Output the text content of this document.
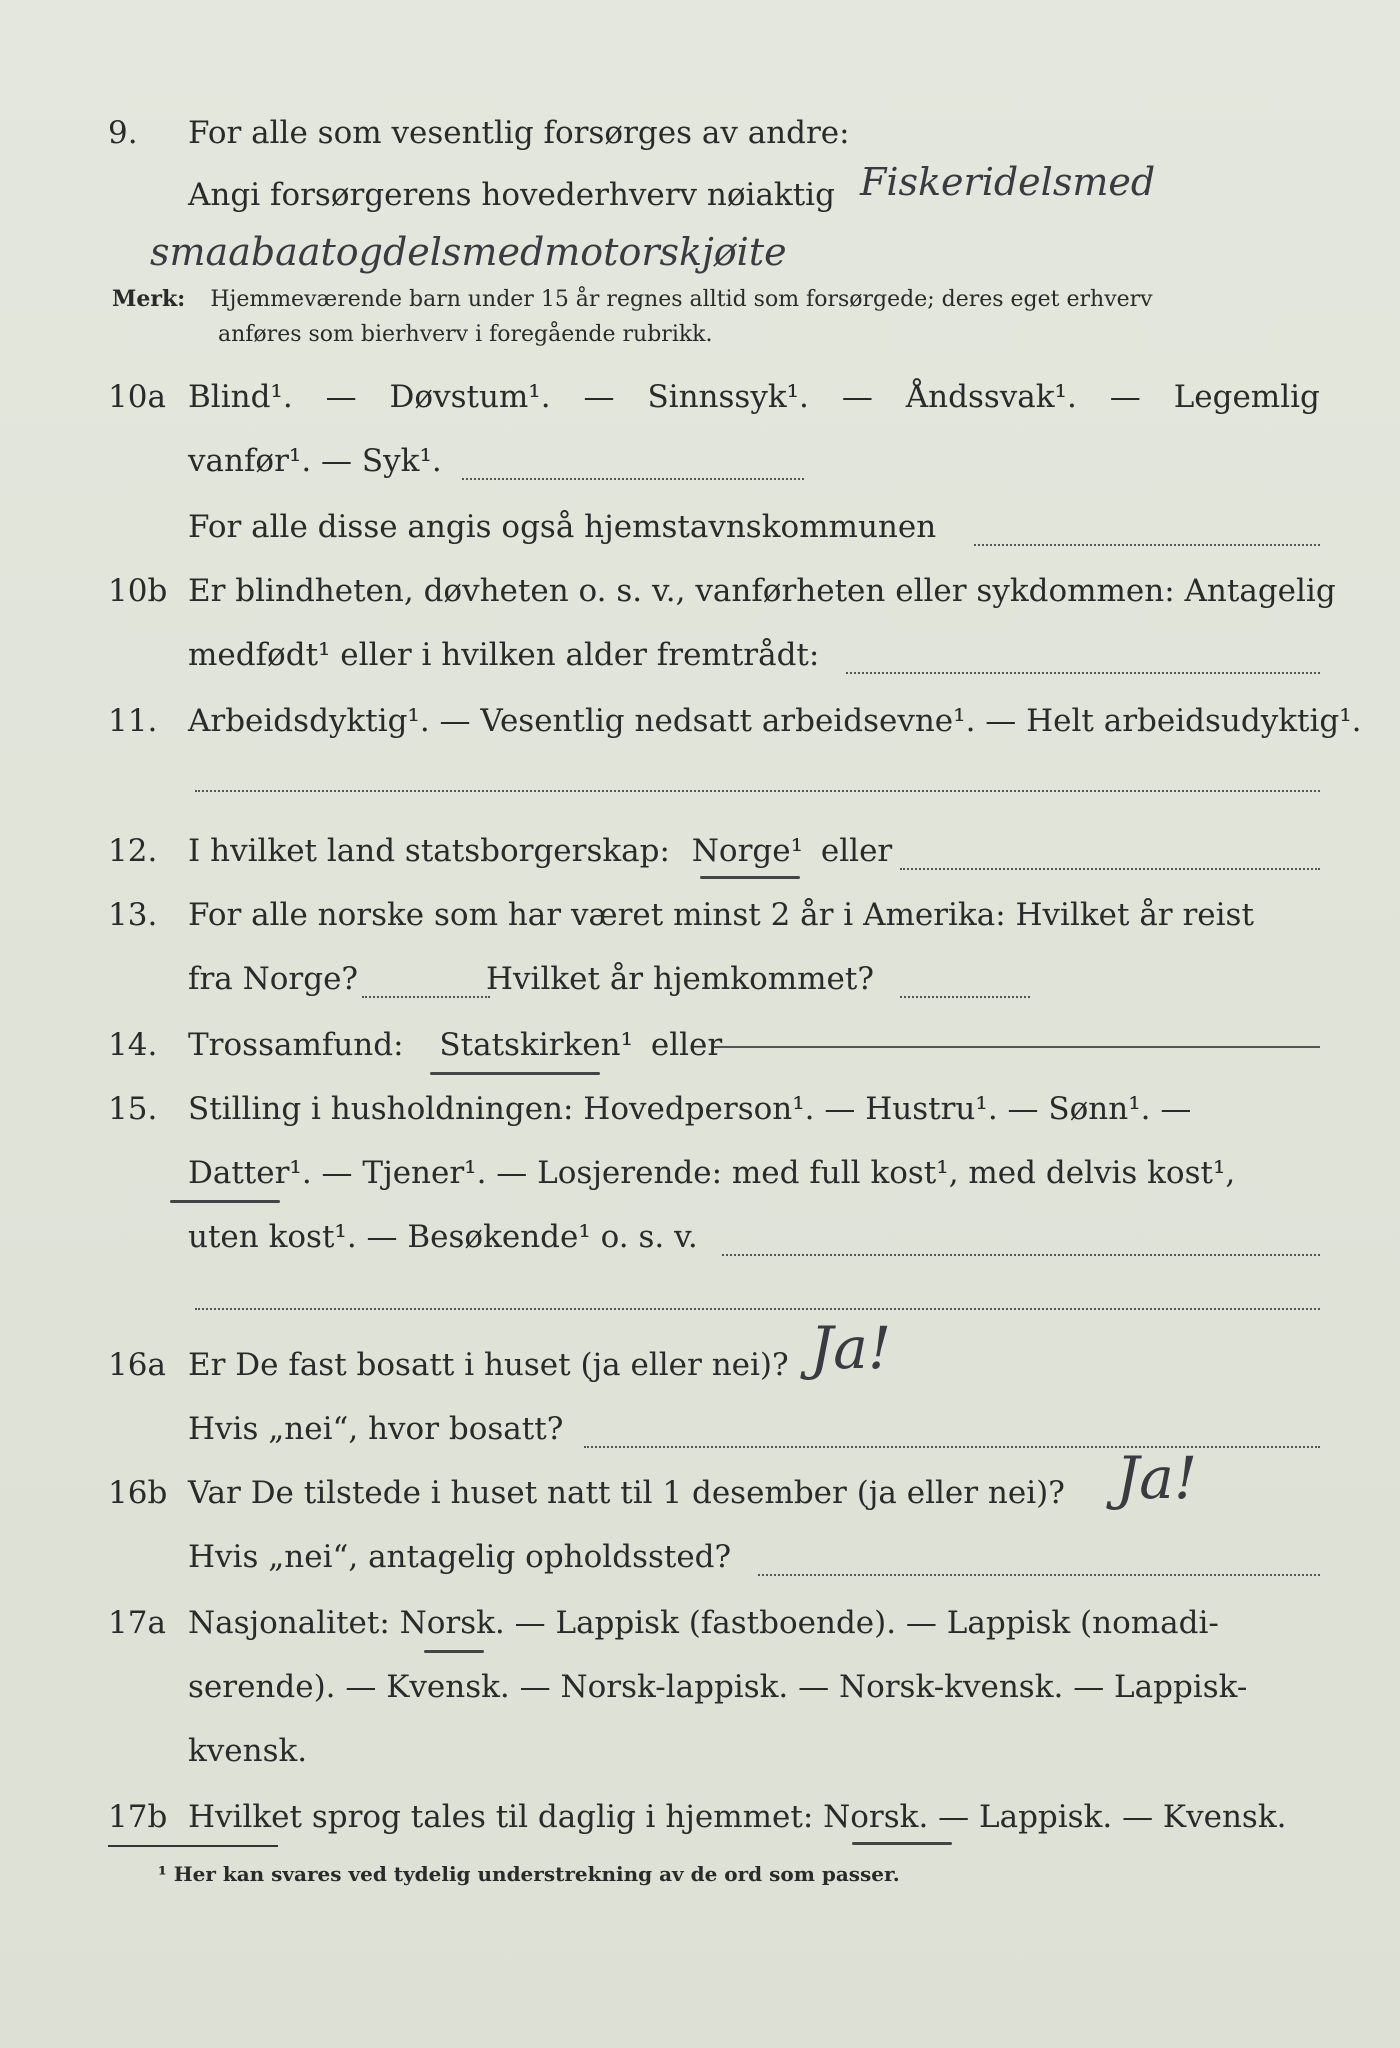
9. For alle som vesentlig forsørges av andre:
Angi forsørgerens hovederhverv nøiaktig Fiskeridelsmed
smaabaatogdelsmedmotorskjøite
Merk: Hjemmeværende barn under 15 år regnes alltid som forsørgede; deres eget erhverv
anføres som bierhverv i foregående rubrikk.
10a Blind¹. — Døvstum¹. — Sinnssyk¹. — Åndssvak¹. — Legemlig
vanfør¹. — Syk¹.
For alle disse angis også hjemstavnskommunen
10b Er blindheten, døvheten o. s. v., vanførheten eller sykdommen: Antagelig
medfødt¹ eller i hvilken alder fremtrådt:
11. Arbeidsdyktig¹. — Vesentlig nedsatt arbeidsevne¹. — Helt arbeidsudyktig¹.
12. I hvilket land statsborgerskap: Norge¹ eller
13. For alle norske som har været minst 2 år i Amerika: Hvilket år reist
fra Norge?	Hvilket år hjemkommet?
14. Trossamfund: Statskirken¹ eller
15. Stilling i husholdningen: Hovedperson¹. — Hustru¹. — Sønn¹. —
Datter¹. — Tjener¹. — Losjerende: med full kost¹, med delvis kost¹,
uten kost¹. — Besøkende¹ o. s. v.
16a Er De fast bosatt i huset (ja eller nei)? Ja!
Hvis „nei“, hvor bosatt?
16b Var De tilstede i huset natt til 1 desember (ja eller nei)? Ja!
Hvis „nei“, antagelig opholdssted?
17a Nasjonalitet: Norsk. — Lappisk (fastboende). — Lappisk (nomadi-
serende). — Kvensk. — Norsk-lappisk. — Norsk-kvensk. — Lappisk-
kvensk.
17b Hvilket sprog tales til daglig i hjemmet: Norsk. — Lappisk. — Kvensk.
¹ Her kan svares ved tydelig understrekning av de ord som passer.
